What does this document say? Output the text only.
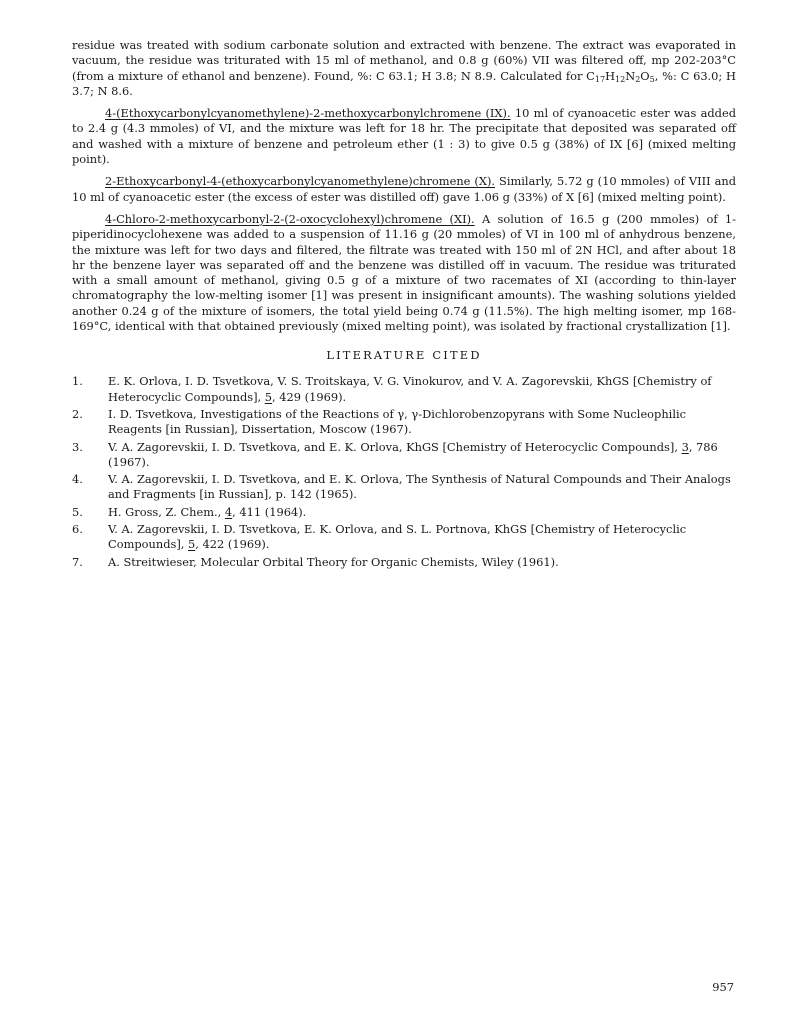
residue was treated with sodium carbonate solution and extracted with benzene. The extract was evaporated in vacuum, the residue was triturated with 15 ml of methanol, and 0.8 g (60%) VII was filtered off, mp 202-203°C (from a mixture of ethanol and benzene). Found, %: C 63.1; H 3.8; N 8.9. Calculated for $C_{17}H_{12}N_2O_5$, %: C 63.0; H 3.7; N 8.6.

4-(Ethoxycarbonylcyanomethylene)-2-methoxycarbonylchromene (IX). 10 ml of cyanoacetic ester was added to 2.4 g (4.3 mmoles) of VI, and the mixture was left for 18 hr. The precipitate that deposited was separated off and washed with a mixture of benzene and petroleum ether (1 : 3) to give 0.5 g (38%) of IX [6] (mixed melting point).

2-Ethoxycarbonyl-4-(ethoxycarbonylcyanomethylene)chromene (X). Similarly, 5.72 g (10 mmoles) of VIII and 10 ml of cyanoacetic ester (the excess of ester was distilled off) gave 1.06 g (33%) of X [6] (mixed melting point).

4-Chloro-2-methoxycarbonyl-2-(2-oxocyclohexyl)chromene (XI). A solution of 16.5 g (200 mmoles) of 1-piperidinocyclohexene was added to a suspension of 11.16 g (20 mmoles) of VI in 100 ml of anhydrous benzene, the mixture was left for two days and filtered, the filtrate was treated with 150 ml of 2N HCl, and after about 18 hr the benzene layer was separated off and the benzene was distilled off in vacuum. The residue was triturated with a small amount of methanol, giving 0.5 g of a mixture of two racemates of XI (according to thin-layer chromatography the low-melting isomer [1] was present in insignificant amounts). The washing solutions yielded another 0.24 g of the mixture of isomers, the total yield being 0.74 g (11.5%). The high melting isomer, mp 168-169°C, identical with that obtained previously (mixed melting point), was isolated by fractional crystallization [1].

LITERATURE CITED
1.	E. K. Orlova, I. D. Tsvetkova, V. S. Troitskaya, V. G. Vinokurov, and V. A. Zagorevskii, KhGS [Chemistry of Heterocyclic Compounds], 5, 429 (1969).
2.	I. D. Tsvetkova, Investigations of the Reactions of γ, γ-Dichlorobenzopyrans with Some Nucleophilic Reagents [in Russian], Dissertation, Moscow (1967).
3.	V. A. Zagorevskii, I. D. Tsvetkova, and E. K. Orlova, KhGS [Chemistry of Heterocyclic Compounds], 3, 786 (1967).
4.	V. A. Zagorevskii, I. D. Tsvetkova, and E. K. Orlova, The Synthesis of Natural Compounds and Their Analogs and Fragments [in Russian], p. 142 (1965).
5.	H. Gross, Z. Chem., 4, 411 (1964).
6.	V. A. Zagorevskii, I. D. Tsvetkova, E. K. Orlova, and S. L. Portnova, KhGS [Chemistry of Heterocyclic Compounds], 5, 422 (1969).
7.	A. Streitwieser, Molecular Orbital Theory for Organic Chemists, Wiley (1961).
957
